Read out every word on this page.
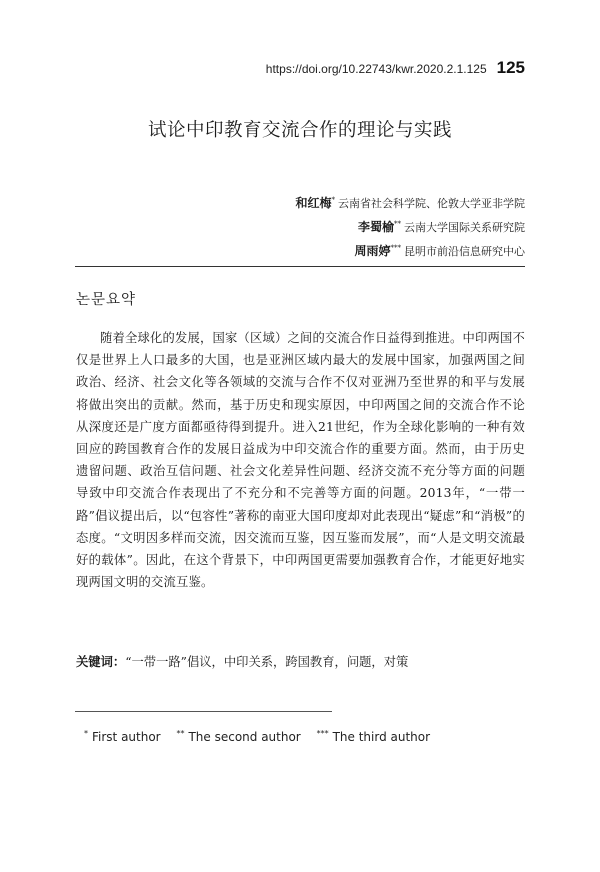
https://doi.org/10.22743/kwr.2020.2.1.125 125
试论中印教育交流合作的理论与实践
和红梅* 云南省社会科学院、伦敦大学亚非学院
李蜀榆** 云南大学国际关系研究院
周雨婷*** 昆明市前沿信息研究中心
논문요약
随着全球化的发展，国家（区域）之间的交流合作日益得到推进。中印两国不仅是世界上人口最多的大国，也是亚洲区域内最大的发展中国家，加强两国之间政治、经济、社会文化等各领域的交流与合作不仅对亚洲乃至世界的和平与发展将做出突出的贡献。然而，基于历史和现实原因，中印两国之间的交流合作不论从深度还是广度方面都亟待得到提升。进入21世纪，作为全球化影响的一种有效回应的跨国教育合作的发展日益成为中印交流合作的重要方面。然而，由于历史遗留问题、政治互信问题、社会文化差异性问题、经济交流不充分等方面的问题导致中印交流合作表现出了不充分和不完善等方面的问题。2013年，“一带一路”倡议提出后，以“包容性”著称的南亚大国印度却对此表现出“疑虑”和“消极”的态度。“文明因多样而交流，因交流而互鉴，因互鉴而发展”，而“人是文明交流最好的载体”。因此，在这个背景下，中印两国更需要加强教育合作，才能更好地实现两国文明的交流互鉴。
关键词：“一带一路”倡议，中印关系，跨国教育，问题，对策
* First author ** The second author *** The third author
